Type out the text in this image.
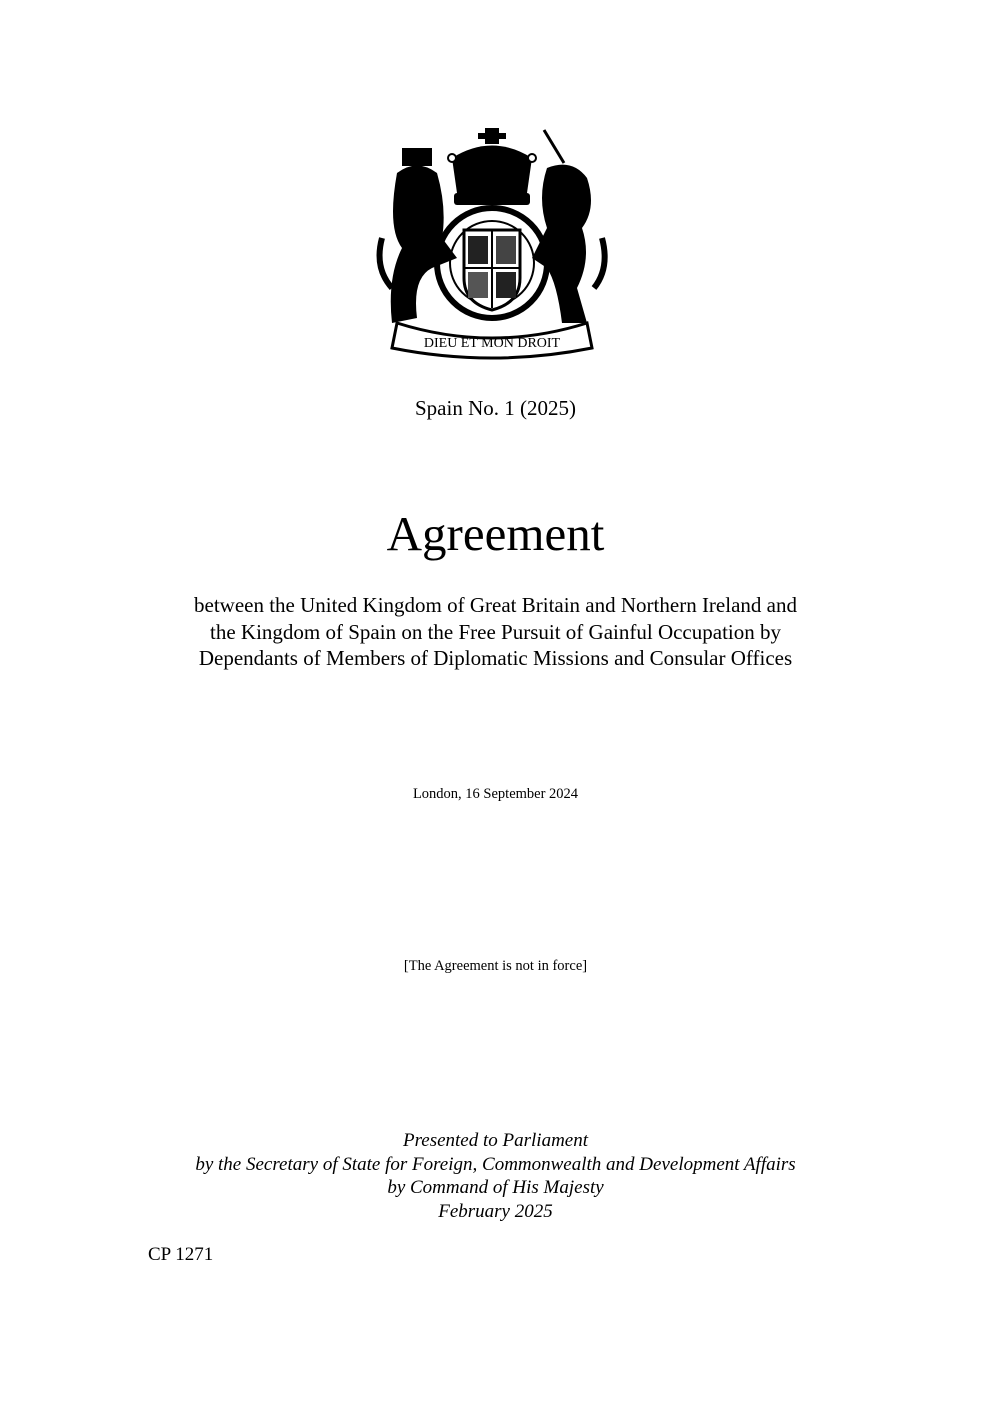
DIEU ET MON DROIT
Spain No. 1 (2025)
Agreement
between the United Kingdom of Great Britain and Northern Ireland and
the Kingdom of Spain on the Free Pursuit of Gainful Occupation by
Dependants of Members of Diplomatic Missions and Consular Offices
London, 16 September 2024
[The Agreement is not in force]
Presented to Parliament
by the Secretary of State for Foreign, Commonwealth and Development Affairs
by Command of His Majesty
February 2025
CP 1271
